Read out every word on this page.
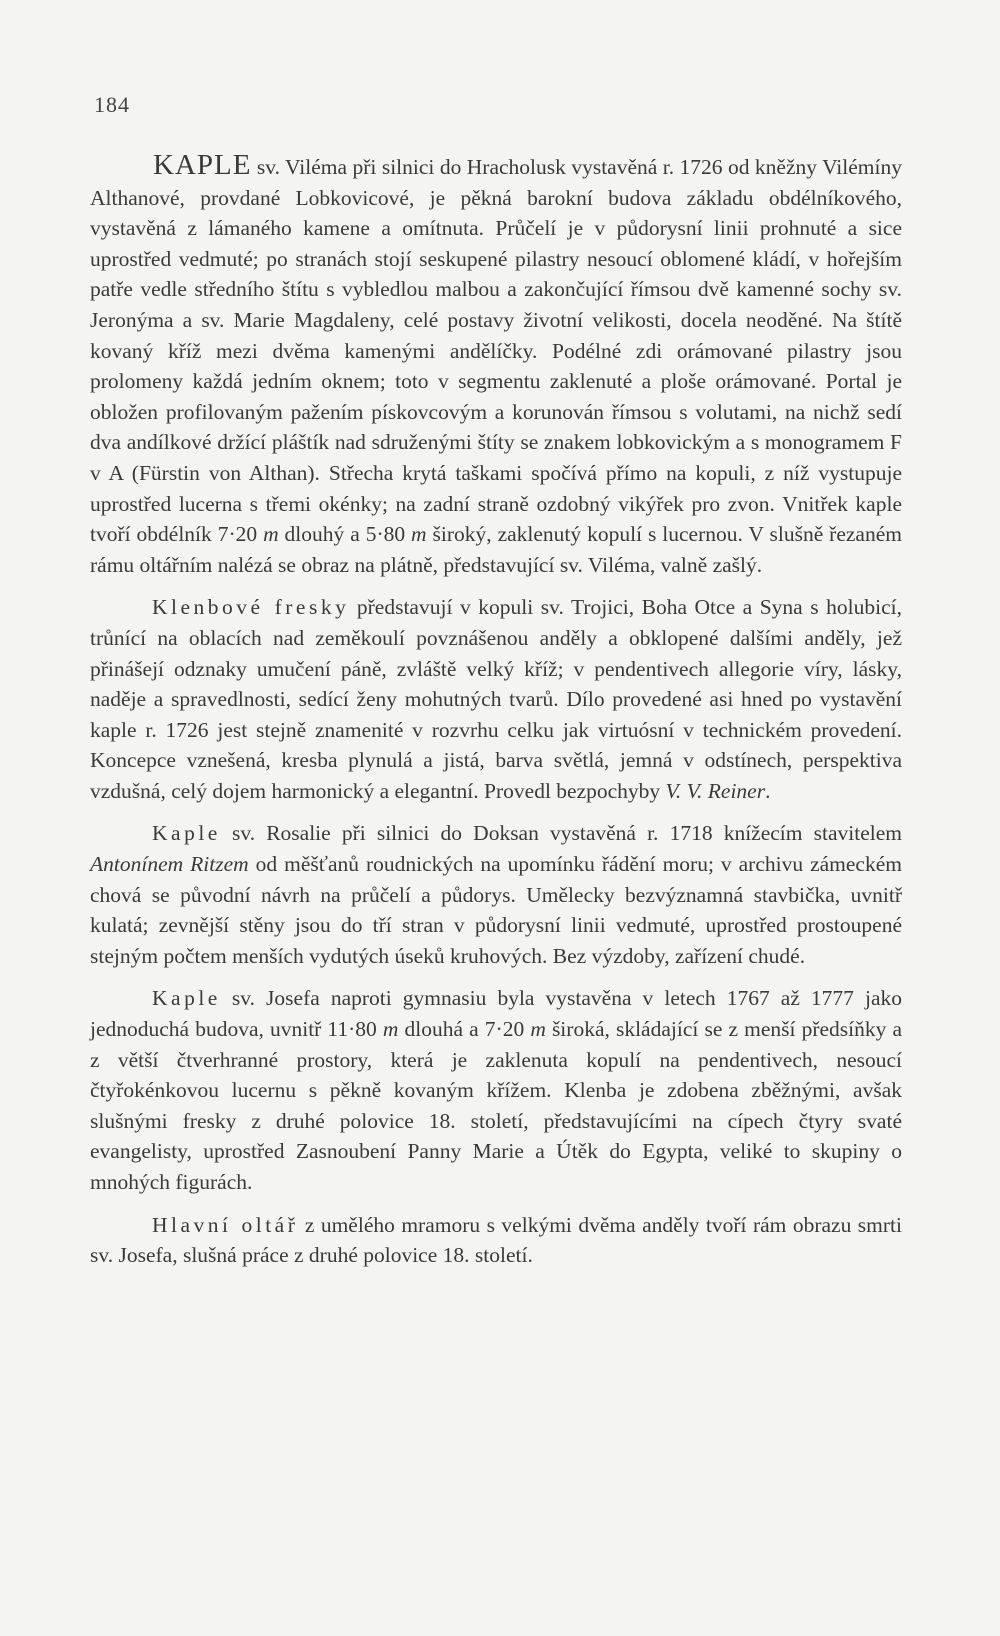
184

KAPLE sv. Viléma při silnici do Hracholusk vystavěná r. 1726 od kněžny Vilémíny Althanové, provdané Lobkovicové, je pěkná barokní budova základu obdélníkového, vystavěná z lámaného kamene a omítnuta. Průčelí je v půdorysní linii prohnuté a sice uprostřed vedmuté; po stranách stojí seskupené pilastry nesoucí oblomené kládí, v hořejším patře vedle středního štítu s vybledlou malbou a zakončující římsou dvě kamenné sochy sv. Jeronýma a sv. Marie Magdaleny, celé postavy životní velikosti, docela neoděné. Na štítě kovaný kříž mezi dvěma kamenými andělíčky. Podélné zdi orámované pilastry jsou prolomeny každá jedním oknem; toto v segmentu zaklenuté a ploše orámované. Portal je obložen profilovaným pažením pískovcovým a korunován římsou s volutami, na nichž sedí dva andílkové držící pláštík nad sdruženými štíty se znakem lobkovickým a s monogramem F v A (Fürstin von Althan). Střecha krytá taškami spočívá přímo na kopuli, z níž vystupuje uprostřed lucerna s třemi okénky; na zadní straně ozdobný vikýřek pro zvon. Vnitřek kaple tvoří obdélník 7·20 m dlouhý a 5·80 m široký, zaklenutý kopulí s lucernou. V slušně řezaném rámu oltářním nalézá se obraz na plátně, představující sv. Viléma, valně zašlý.

Klenbové fresky představují v kopuli sv. Trojici, Boha Otce a Syna s holubicí, trůnící na oblacích nad zeměkoulí povznášenou anděly a obklopené dalšími anděly, jež přinášejí odznaky umučení páně, zvláště velký kříž; v pendentivech allegorie víry, lásky, naděje a spravedlnosti, sedící ženy mohutných tvarů. Dílo provedené asi hned po vystavění kaple r. 1726 jest stejně znamenité v rozvrhu celku jak virtuósní v technickém provedení. Koncepce vznešená, kresba plynulá a jistá, barva světlá, jemná v odstínech, perspektiva vzdušná, celý dojem harmonický a elegantní. Provedl bezpochyby V. V. Reiner.

Kaple sv. Rosalie při silnici do Doksan vystavěná r. 1718 knížecím stavitelem Antonínem Ritzem od měšťanů roudnických na upomínku řádění moru; v archivu zámeckém chová se původní návrh na průčelí a půdorys. Umělecky bezvýznamná stavbička, uvnitř kulatá; zevnější stěny jsou do tří stran v půdorysní linii vedmuté, uprostřed prostoupené stejným počtem menších vydutých úseků kruhových. Bez výzdoby, zařízení chudé.

Kaple sv. Josefa naproti gymnasiu byla vystavěna v letech 1767 až 1777 jako jednoduchá budova, uvnitř 11·80 m dlouhá a 7·20 m široká, skládající se z menší předsíňky a z větší čtverhranné prostory, která je zaklenuta kopulí na pendentivech, nesoucí čtyřokénkovou lucernu s pěkně kovaným křížem. Klenba je zdobena zběžnými, avšak slušnými fresky z druhé polovice 18. století, představujícími na cípech čtyry svaté evangelisty, uprostřed Zasnoubení Panny Marie a Útěk do Egypta, veliké to skupiny o mnohých figurách.

Hlavní oltář z umělého mramoru s velkými dvěma anděly tvoří rám obrazu smrti sv. Josefa, slušná práce z druhé polovice 18. století.
